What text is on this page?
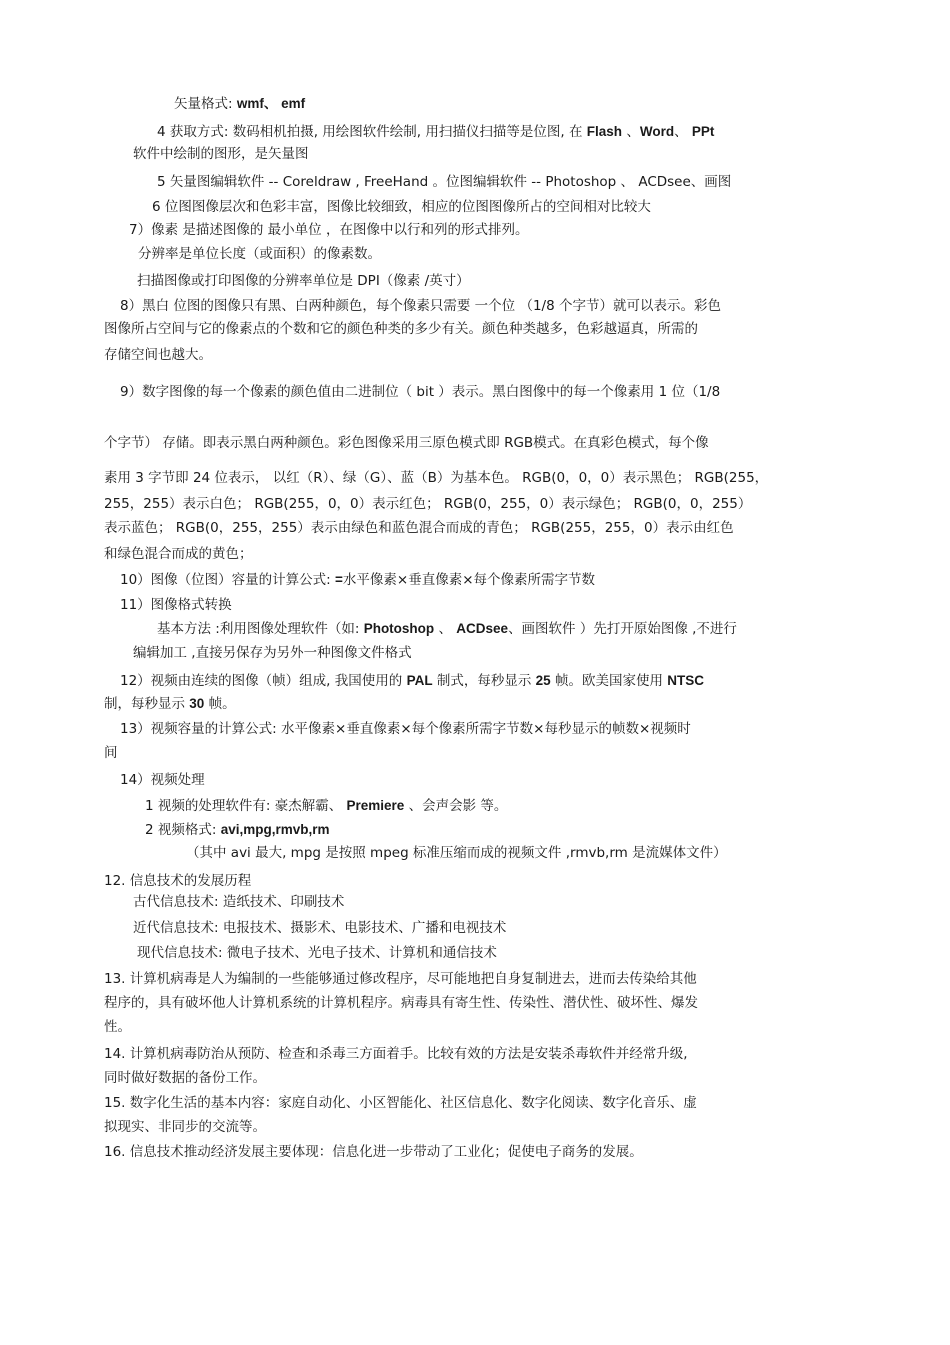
矢量格式: wmf、 emf
4 获取方式: 数码相机拍摄, 用绘图软件绘制, 用扫描仪扫描等是位图, 在 Flash 、Word、 PPt
软件中绘制的图形，是矢量图
5 矢量图编辑软件 -- Coreldraw , FreeHand 。位图编辑软件 -- Photoshop 、 ACDsee、画图
6 位图图像层次和色彩丰富，图像比较细致，相应的位图图像所占的空间相对比较大
7）像素 是描述图像的 最小单位 ，在图像中以行和列的形式排列。
分辨率是单位长度（或面积）的像素数。
扫描图像或打印图像的分辨率单位是 DPI（像素 /英寸）
8）黑白 位图的图像只有黑、白两种颜色，每个像素只需要 一个位 （1/8 个字节）就可以表示。彩色
图像所占空间与它的像素点的个数和它的颜色种类的多少有关。颜色种类越多，色彩越逼真，所需的
存储空间也越大。
9）数字图像的每一个像素的颜色值由二进制位（ bit ）表示。黑白图像中的每一个像素用 1 位（1/8
个字节） 存储。即表示黑白两种颜色。彩色图像采用三原色模式即 RGB模式。在真彩色模式，每个像
素用 3 字节即 24 位表示， 以红（R）、绿（G）、蓝（B）为基本色。 RGB(0，0，0）表示黑色； RGB(255，
255，255）表示白色； RGB(255，0，0）表示红色； RGB(0，255，0）表示绿色； RGB(0，0，255）
表示蓝色； RGB(0，255，255）表示由绿色和蓝色混合而成的青色； RGB(255，255，0）表示由红色
和绿色混合而成的黄色；
10）图像（位图）容量的计算公式: =水平像素×垂直像素×每个像素所需字节数
11）图像格式转换
基本方法 :利用图像处理软件（如: Photoshop 、 ACDsee、画图软件 ）先打开原始图像 ,不进行
编辑加工 ,直接另保存为另外一种图像文件格式
12）视频由连续的图像（帧）组成, 我国使用的 PAL 制式，每秒显示 25 帧。欧美国家使用 NTSC
制，每秒显示 30 帧。
13）视频容量的计算公式: 水平像素×垂直像素×每个像素所需字节数×每秒显示的帧数×视频时
间
14）视频处理
1 视频的处理软件有: 豪杰解霸、 Premiere 、会声会影 等。
2 视频格式: avi,mpg,rmvb,rm
（其中 avi 最大, mpg 是按照 mpeg 标准压缩而成的视频文件 ,rmvb,rm 是流媒体文件）
12. 信息技术的发展历程
古代信息技术: 造纸技术、印刷技术
近代信息技术: 电报技术、摄影术、电影技术、广播和电视技术
现代信息技术: 微电子技术、光电子技术、计算机和通信技术
13. 计算机病毒是人为编制的一些能够通过修改程序，尽可能地把自身复制进去，进而去传染给其他
程序的，具有破坏他人计算机系统的计算机程序。病毒具有寄生性、传染性、潜伏性、破坏性、爆发
性。
14. 计算机病毒防治从预防、检查和杀毒三方面着手。比较有效的方法是安装杀毒软件并经常升级,
同时做好数据的备份工作。
15. 数字化生活的基本内容：家庭自动化、小区智能化、社区信息化、数字化阅读、数字化音乐、虚
拟现实、非同步的交流等。
16. 信息技术推动经济发展主要体现：信息化进一步带动了工业化；促使电子商务的发展。
